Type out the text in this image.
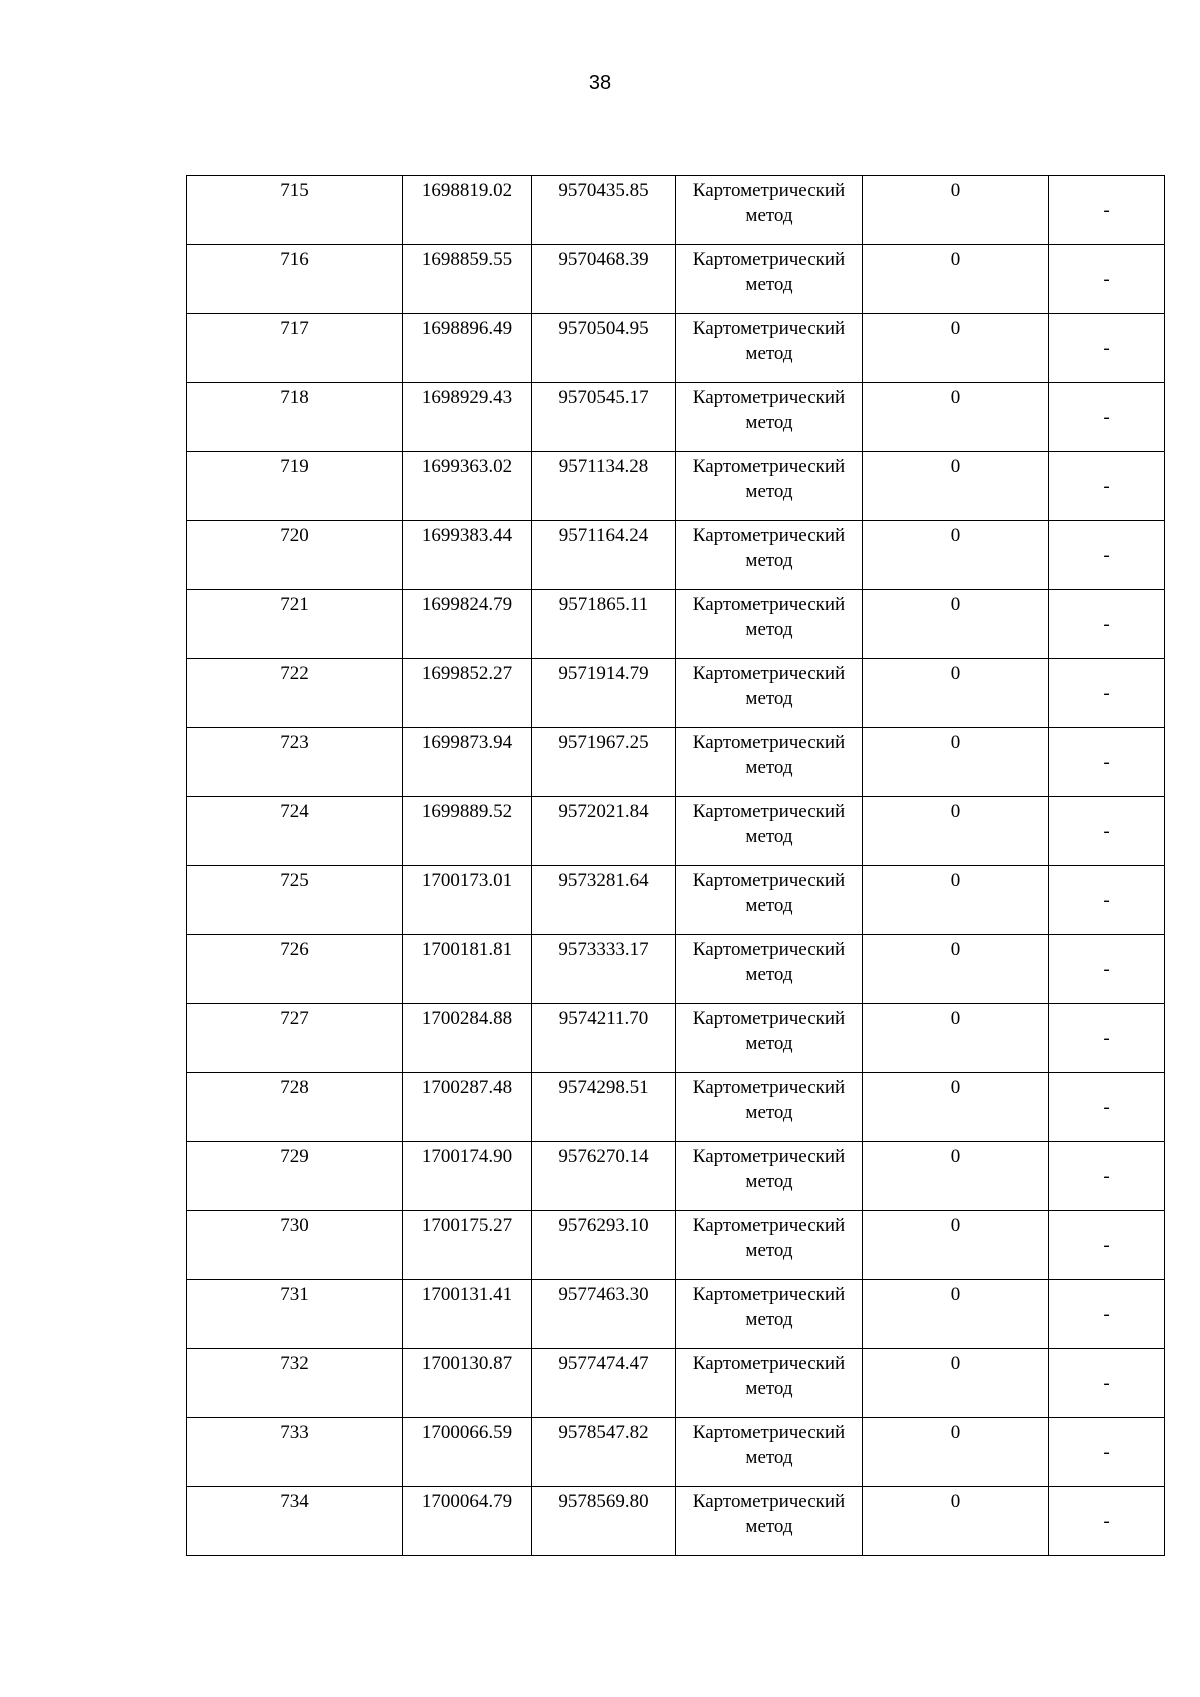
38
715	1698819.02	9570435.85	Картометрический
метод	0	-

716	1698859.55	9570468.39	Картометрический
метод	0	-

717	1698896.49	9570504.95	Картометрический
метод	0	-

718	1698929.43	9570545.17	Картометрический
метод	0	-

719	1699363.02	9571134.28	Картометрический
метод	0	-

720	1699383.44	9571164.24	Картометрический
метод	0	-

721	1699824.79	9571865.11	Картометрический
метод	0	-

722	1699852.27	9571914.79	Картометрический
метод	0	-

723	1699873.94	9571967.25	Картометрический
метод	0	-

724	1699889.52	9572021.84	Картометрический
метод	0	-

725	1700173.01	9573281.64	Картометрический
метод	0	-

726	1700181.81	9573333.17	Картометрический
метод	0	-

727	1700284.88	9574211.70	Картометрический
метод	0	-

728	1700287.48	9574298.51	Картометрический
метод	0	-

729	1700174.90	9576270.14	Картометрический
метод	0	-

730	1700175.27	9576293.10	Картометрический
метод	0	-

731	1700131.41	9577463.30	Картометрический
метод	0	-

732	1700130.87	9577474.47	Картометрический
метод	0	-

733	1700066.59	9578547.82	Картометрический
метод	0	-

734	1700064.79	9578569.80	Картометрический
метод	0	-
